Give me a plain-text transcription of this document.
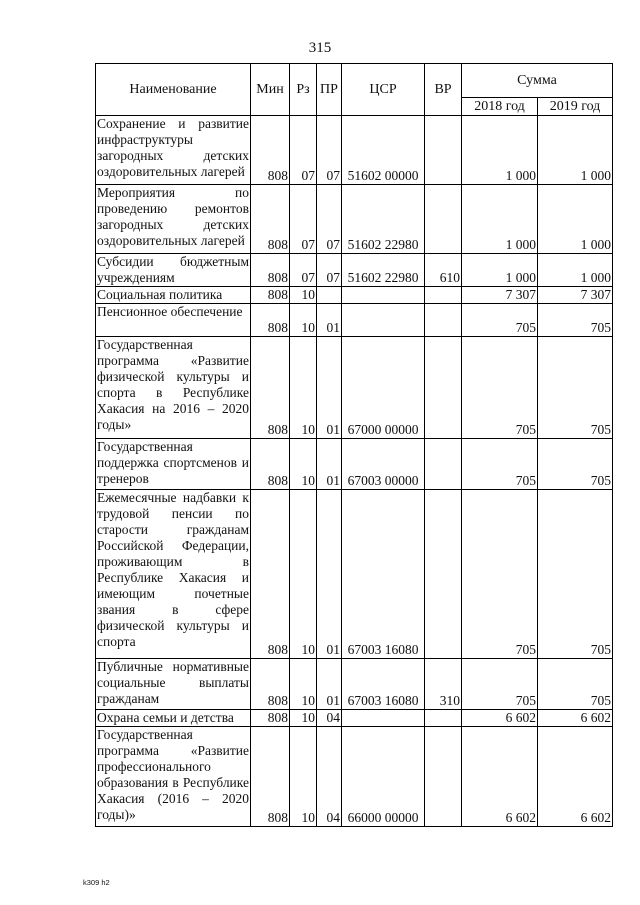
315
Наименование	Мин	Рз	ПР	ЦСР	ВР	Сумма	
						2018 год	2019 год
Сохранение и развитие инфраструктуры загородных детских оздоровительных лагерей	808	07	07	51602 00000		1 000	1 000
Мероприятия по проведению ремонтов загородных детских оздоровительных лагерей	808	07	07	51602 22980		1 000	1 000
Субсидии бюджетным учреждениям	808	07	07	51602 22980	610	1 000	1 000
Социальная политика	808	10				7 307	7 307
Пенсионное обеспечение	808	10	01			705	705
Государственная программа «Развитие физической культуры и спорта в Республике Хакасия на 2016 – 2020 годы»	808	10	01	67000 00000		705	705
Государственная поддержка спортсменов и тренеров	808	10	01	67003 00000		705	705
Ежемесячные надбавки к трудовой пенсии по старости гражданам Российской Федерации, проживающим в Республике Хакасия и имеющим почетные звания в сфере физической культуры и спорта	808	10	01	67003 16080		705	705
Публичные нормативные социальные выплаты гражданам	808	10	01	67003 16080	310	705	705
Охрана семьи и детства	808	10	04			6 602	6 602
Государственная программа «Развитие профессионального образования в Республике Хакасия (2016 – 2020 годы)»	808	10	04	66000 00000		6 602	6 602
k309 h2
